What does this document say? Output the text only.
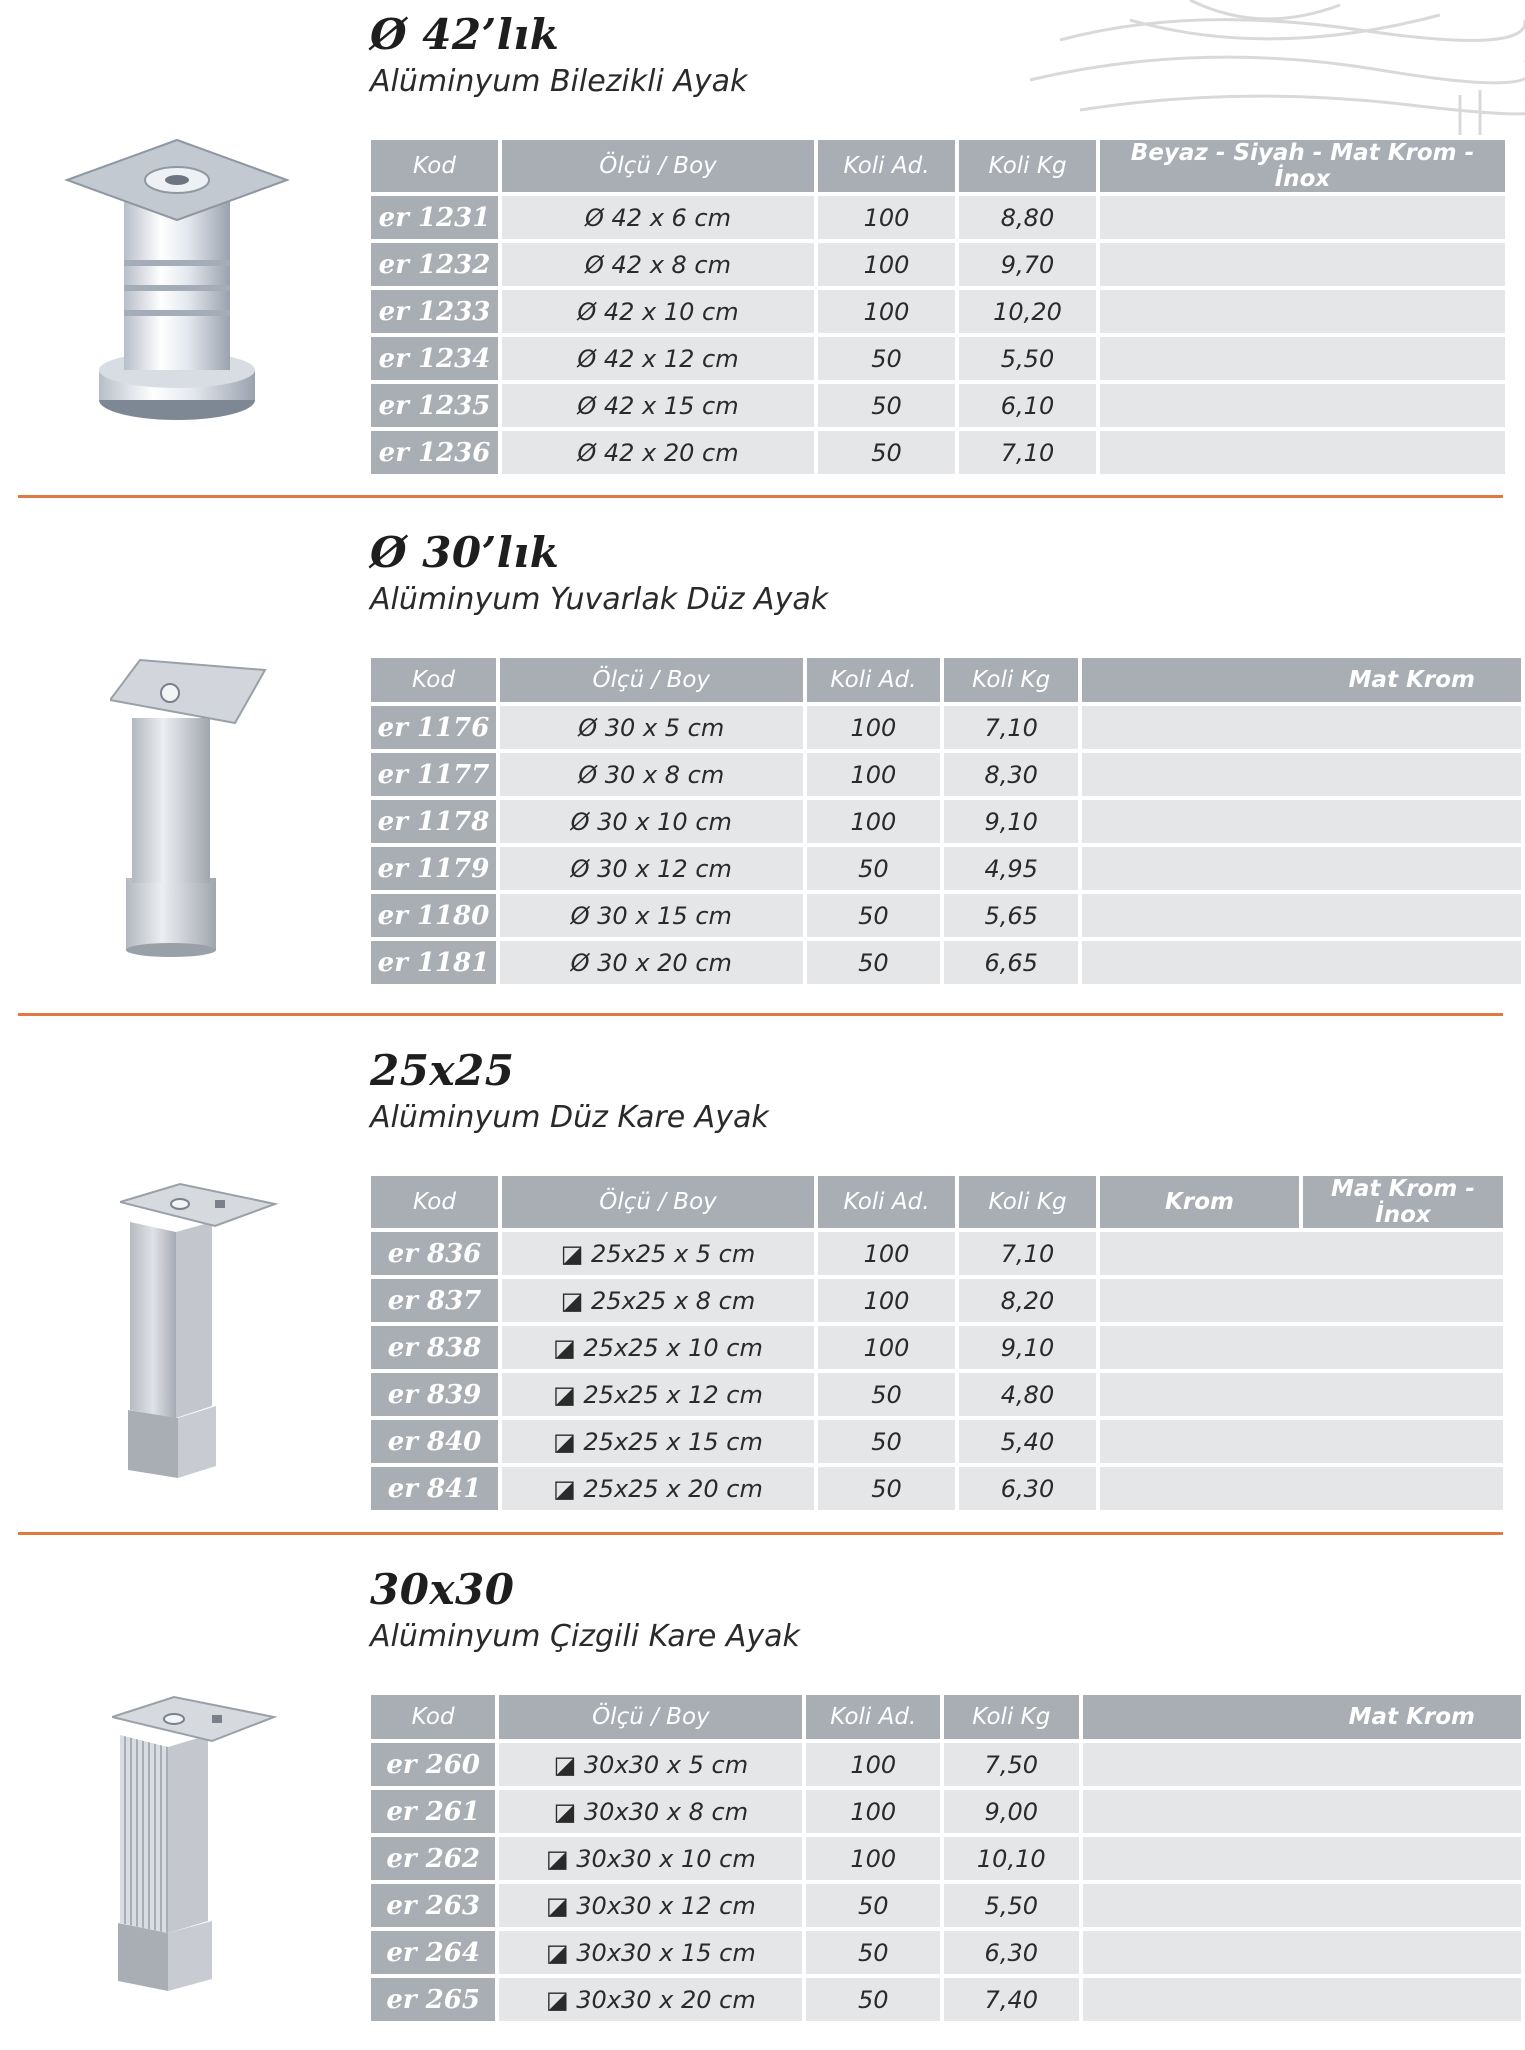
Ø 42’lık
Alüminyum Bilezikli Ayak
Kod	Ölçü / Boy	Koli Ad.	Koli Kg	Beyaz - Siyah - Mat Krom - İnox
er 1231	Ø 42 x 6 cm	100	8,80	
er 1232	Ø 42 x 8 cm	100	9,70	
er 1233	Ø 42 x 10 cm	100	10,20	
er 1234	Ø 42 x 12 cm	50	5,50	
er 1235	Ø 42 x 15 cm	50	6,10	
er 1236	Ø 42 x 20 cm	50	7,10	
Ø 30’lık
Alüminyum Yuvarlak Düz Ayak
Kod	Ölçü / Boy	Koli Ad.	Koli Kg	Mat Krom
er 1176	Ø 30 x 5 cm	100	7,10	
er 1177	Ø 30 x 8 cm	100	8,30	
er 1178	Ø 30 x 10 cm	100	9,10	
er 1179	Ø 30 x 12 cm	50	4,95	
er 1180	Ø 30 x 15 cm	50	5,65	
er 1181	Ø 30 x 20 cm	50	6,65	
25x25
Alüminyum Düz Kare Ayak
Kod	Ölçü / Boy	Koli Ad.	Koli Kg	Krom	Mat Krom - İnox
er 836	◪ 25x25 x 5 cm	100	7,10		
er 837	◪ 25x25 x 8 cm	100	8,20		
er 838	◪ 25x25 x 10 cm	100	9,10		
er 839	◪ 25x25 x 12 cm	50	4,80		
er 840	◪ 25x25 x 15 cm	50	5,40		
er 841	◪ 25x25 x 20 cm	50	6,30		
30x30
Alüminyum Çizgili Kare Ayak
Kod	Ölçü / Boy	Koli Ad.	Koli Kg	Mat Krom
er 260	◪ 30x30 x 5 cm	100	7,50	
er 261	◪ 30x30 x 8 cm	100	9,00	
er 262	◪ 30x30 x 10 cm	100	10,10	
er 263	◪ 30x30 x 12 cm	50	5,50	
er 264	◪ 30x30 x 15 cm	50	6,30	
er 265	◪ 30x30 x 20 cm	50	7,40	
